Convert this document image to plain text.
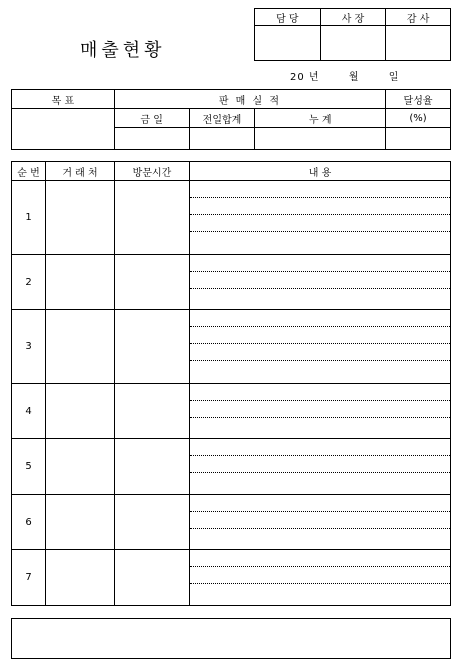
매출현황
담 당	사 장	감 사

20 년       월       일
목 표	판 매 실 적			달성율
	금 일	전일합계	누 계	(%)

순 번	거 래 처	방문시간	내 용
1			

2			

3			

4			

5			

6			

7			
